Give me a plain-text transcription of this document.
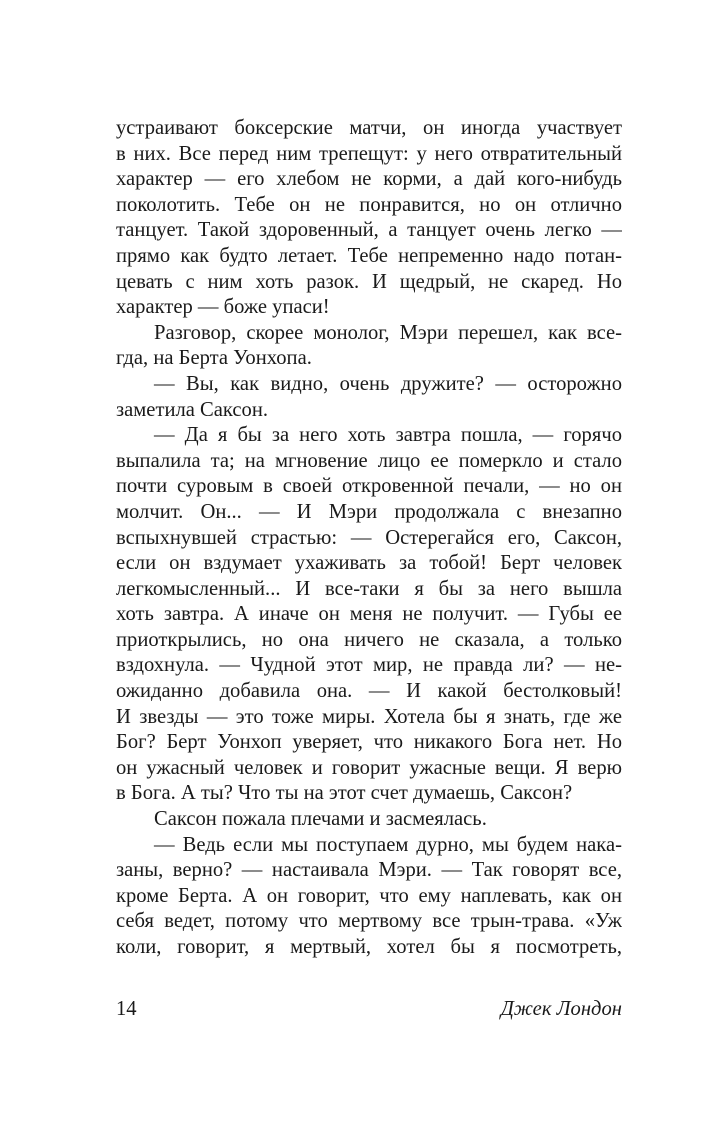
устраивают боксерские матчи, он иногда участвует
в них. Все перед ним трепещут: у него отвратительный
характер — его хлебом не корми, а дай кого-нибудь
поколотить. Тебе он не понравится, но он отлично
танцует. Такой здоровенный, а танцует очень легко —
прямо как будто летает. Тебе непременно надо потан-
цевать с ним хоть разок. И щедрый, не скаред. Но
характер — боже упаси!
Разговор, скорее монолог, Мэри перешел, как все-
гда, на Берта Уонхопа.
— Вы, как видно, очень дружите? — осторожно
заметила Саксон.
— Да я бы за него хоть завтра пошла, — горячо
выпалила та; на мгновение лицо ее померкло и стало
почти суровым в своей откровенной печали, — но он
молчит. Он... — И Мэри продолжала с внезапно
вспыхнувшей страстью: — Остерегайся его, Саксон,
если он вздумает ухаживать за тобой! Берт человек
легкомысленный... И все-таки я бы за него вышла
хоть завтра. А иначе он меня не получит. — Губы ее
приоткрылись, но она ничего не сказала, а только
вздохнула. — Чудной этот мир, не правда ли? — не-
ожиданно добавила она. — И какой бестолковый!
И звезды — это тоже миры. Хотела бы я знать, где же
Бог? Берт Уонхоп уверяет, что никакого Бога нет. Но
он ужасный человек и говорит ужасные вещи. Я верю
в Бога. А ты? Что ты на этот счет думаешь, Саксон?
Саксон пожала плечами и засмеялась.
— Ведь если мы поступаем дурно, мы будем нака-
заны, верно? — настаивала Мэри. — Так говорят все,
кроме Берта. А он говорит, что ему наплевать, как он
себя ведет, потому что мертвому все трын-трава. «Уж
коли, говорит, я мертвый, хотел бы я посмотреть,
14	Джек Лондон
